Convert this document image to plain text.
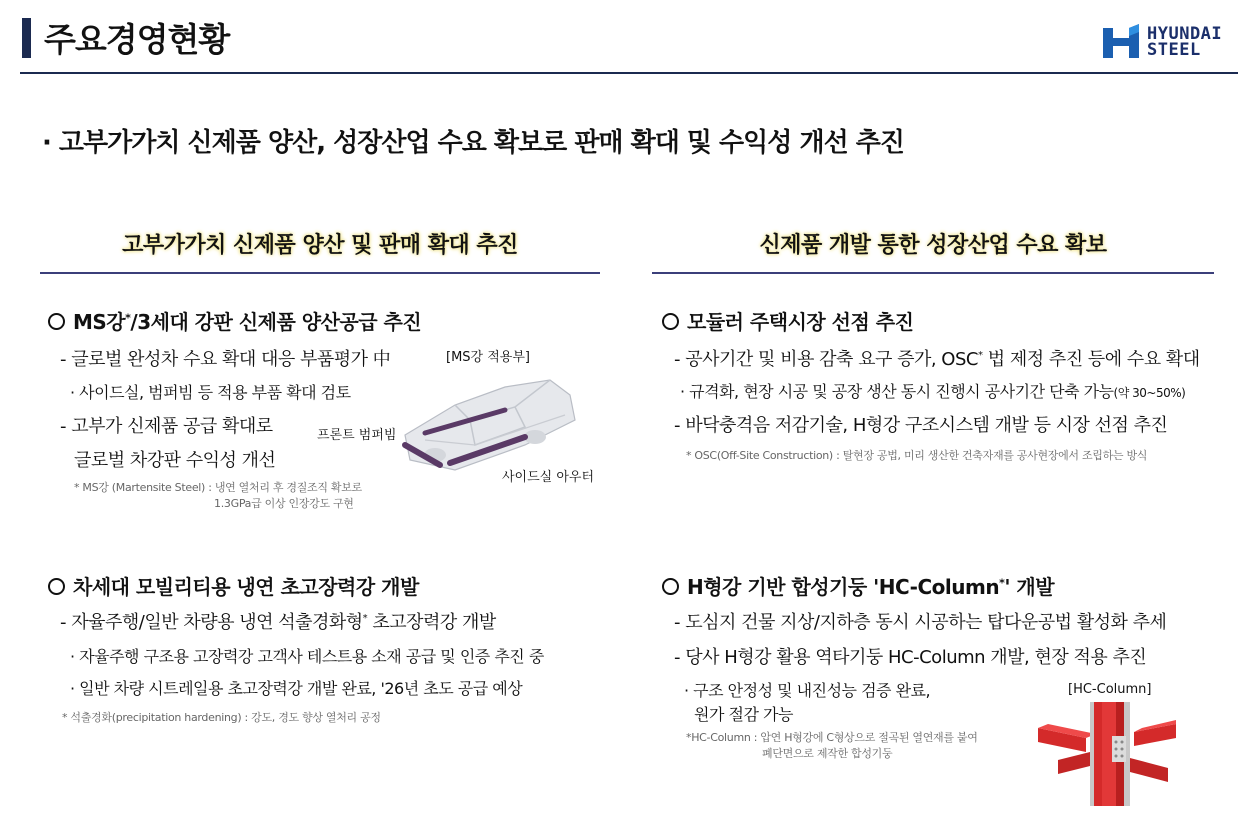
주요경영현황	HYUNDAI
STEEL
· 고부가가치 신제품 양산, 성장산업 수요 확보로 판매 확대 및 수익성 개선 추진
고부가가치 신제품 양산 및 판매 확대 추진
MS강*/3세대 강판 신제품 양산공급 추진
- 글로벌 완성차 수요 확대 대응 부품평가 中
· 사이드실, 범퍼빔 등 적용 부품 확대 검토
- 고부가 신제품 공급 확대로
글로벌 차강판 수익성 개선
* MS강 (Martensite Steel) : 냉연 열처리 후 경질조직 확보로
1.3GPa급 이상 인장강도 구현
[MS강 적용부]
프론트 범퍼빔
사이드실 아우터
차세대 모빌리티용 냉연 초고장력강 개발
- 자율주행/일반 차량용 냉연 석출경화형* 초고장력강 개발
· 자율주행 구조용 고장력강 고객사 테스트용 소재 공급 및 인증 추진 중
· 일반 차량 시트레일용 초고장력강 개발 완료, '26년 초도 공급 예상
* 석출경화(precipitation hardening) : 강도, 경도 향상 열처리 공정
신제품 개발 통한 성장산업 수요 확보
모듈러 주택시장 선점 추진
- 공사기간 및 비용 감축 요구 증가, OSC* 법 제정 추진 등에 수요 확대
· 규격화, 현장 시공 및 공장 생산 동시 진행시 공사기간 단축 가능(약 30~50%)
- 바닥충격음 저감기술, H형강 구조시스템 개발 등 시장 선점 추진
* OSC(Off-Site Construction) : 탈현장 공법, 미리 생산한 건축자재를 공사현장에서 조립하는 방식
H형강 기반 합성기둥 'HC-Column*' 개발
- 도심지 건물 지상/지하층 동시 시공하는 탑다운공법 활성화 추세
- 당사 H형강 활용 역타기둥 HC-Column 개발, 현장 적용 추진
· 구조 안정성 및 내진성능 검증 완료,
원가 절감 가능
*HC-Column : 압연 H형강에 C형상으로 절곡된 열연재를 붙여
폐단면으로 제작한 합성기둥
[HC-Column]
